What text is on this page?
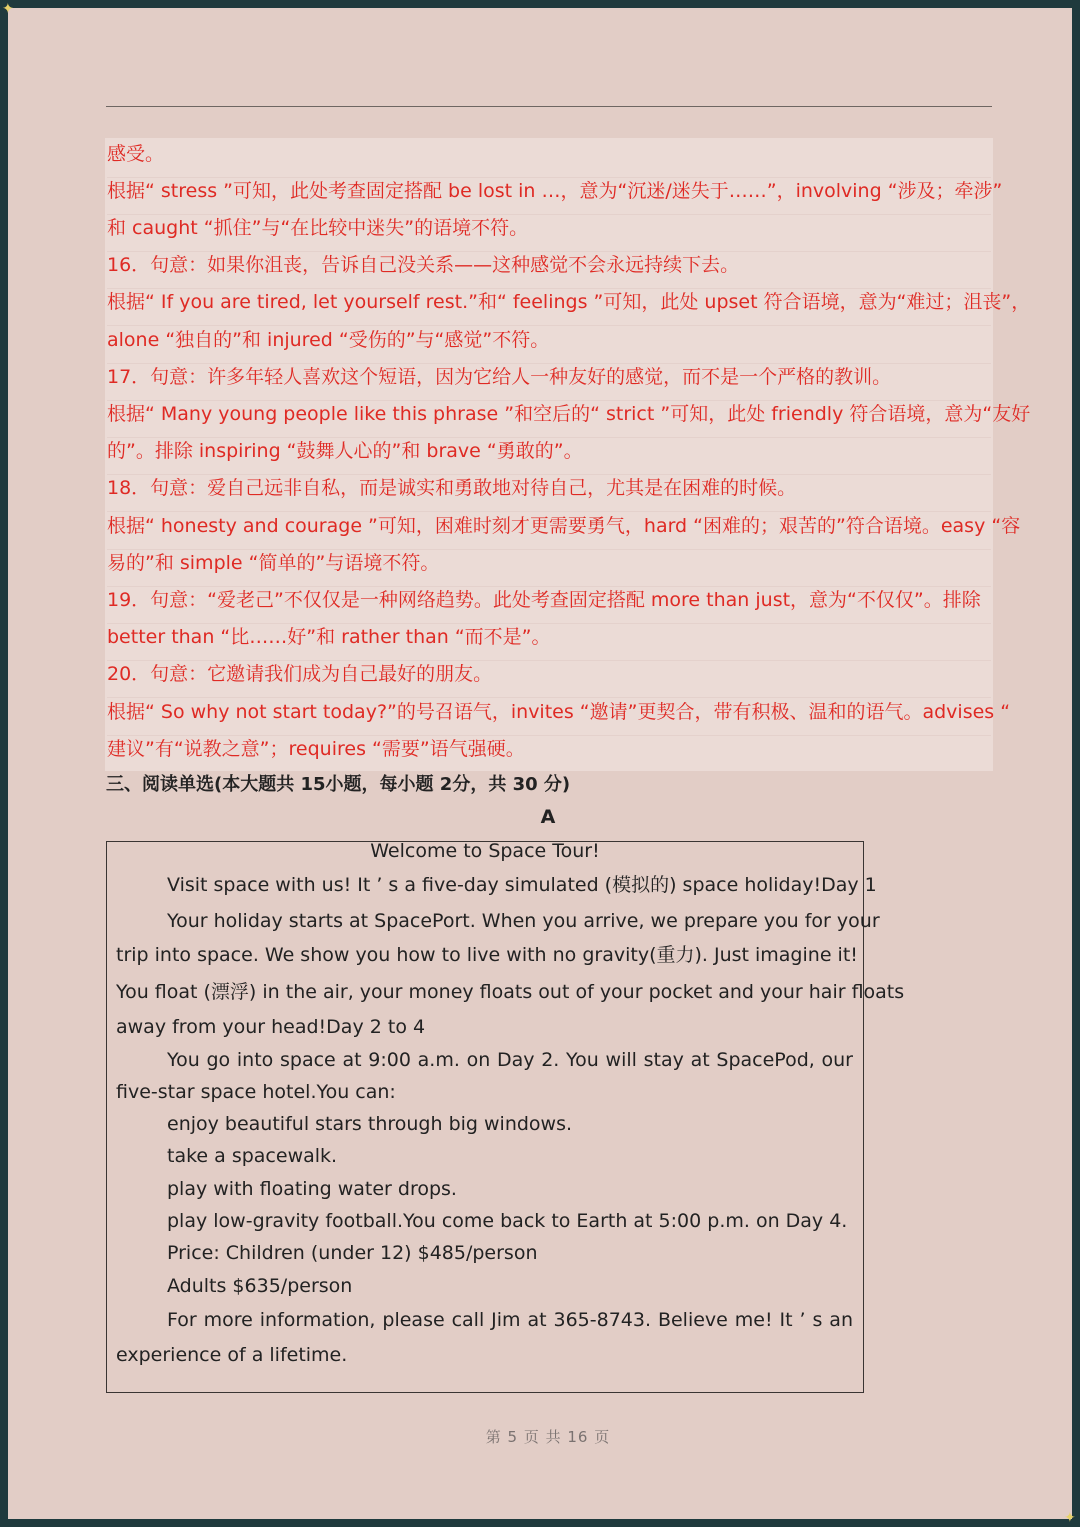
感受。
根据“ stress ”可知，此处考查固定搭配 be lost in …，意为“沉迷/迷失于……”，involving “涉及；牵涉”
和 caught “抓住”与“在比较中迷失”的语境不符。
16．句意：如果你沮丧，告诉自己没关系——这种感觉不会永远持续下去。
根据“ If you are tired, let yourself rest.”和“ feelings ”可知，此处 upset 符合语境，意为“难过；沮丧”，
alone “独自的”和 injured “受伤的”与“感觉”不符。
17．句意：许多年轻人喜欢这个短语，因为它给人一种友好的感觉，而不是一个严格的教训。
根据“ Many young people like this phrase ”和空后的“ strict ”可知，此处 friendly 符合语境，意为“友好
的”。排除 inspiring “鼓舞人心的”和 brave “勇敢的”。
18．句意：爱自己远非自私，而是诚实和勇敢地对待自己，尤其是在困难的时候。
根据“ honesty and courage ”可知，困难时刻才更需要勇气，hard “困难的；艰苦的”符合语境。easy “容
易的”和 simple “简单的”与语境不符。
19．句意：“爱老己”不仅仅是一种网络趋势。此处考查固定搭配 more than just，意为“不仅仅”。排除
better than “比……好”和 rather than “而不是”。
20．句意：它邀请我们成为自己最好的朋友。
根据“ So why not start today?”的号召语气，invites “邀请”更契合，带有积极、温和的语气。advises “
建议”有“说教之意”；requires “需要”语气强硬。
三、阅读单选(本大题共 15小题，每小题 2分，共 30 分)
A
Welcome to Space Tour!
Visit space with us! It ’ s a five-day simulated (模拟的) space holiday!Day 1
Your holiday starts at SpacePort. When you arrive, we prepare you for your
trip into space. We show you how to live with no gravity(重力). Just imagine it!
You float (漂浮) in the air, your money floats out of your pocket and your hair floats
away from your head!Day 2 to 4
You go into space at 9:00 a.m. on Day 2. You will stay at SpacePod, our
five-star space hotel.You can:
enjoy beautiful stars through big windows.
take a spacewalk.
play with floating water drops.
play low-gravity football.You come back to Earth at 5:00 p.m. on Day 4.
Price: Children (under 12) $485/person
Adults $635/person
For more information, please call Jim at 365-8743. Believe me! It ’ s an
experience of a lifetime.
第 5 页 共 16 页
✦
✦
